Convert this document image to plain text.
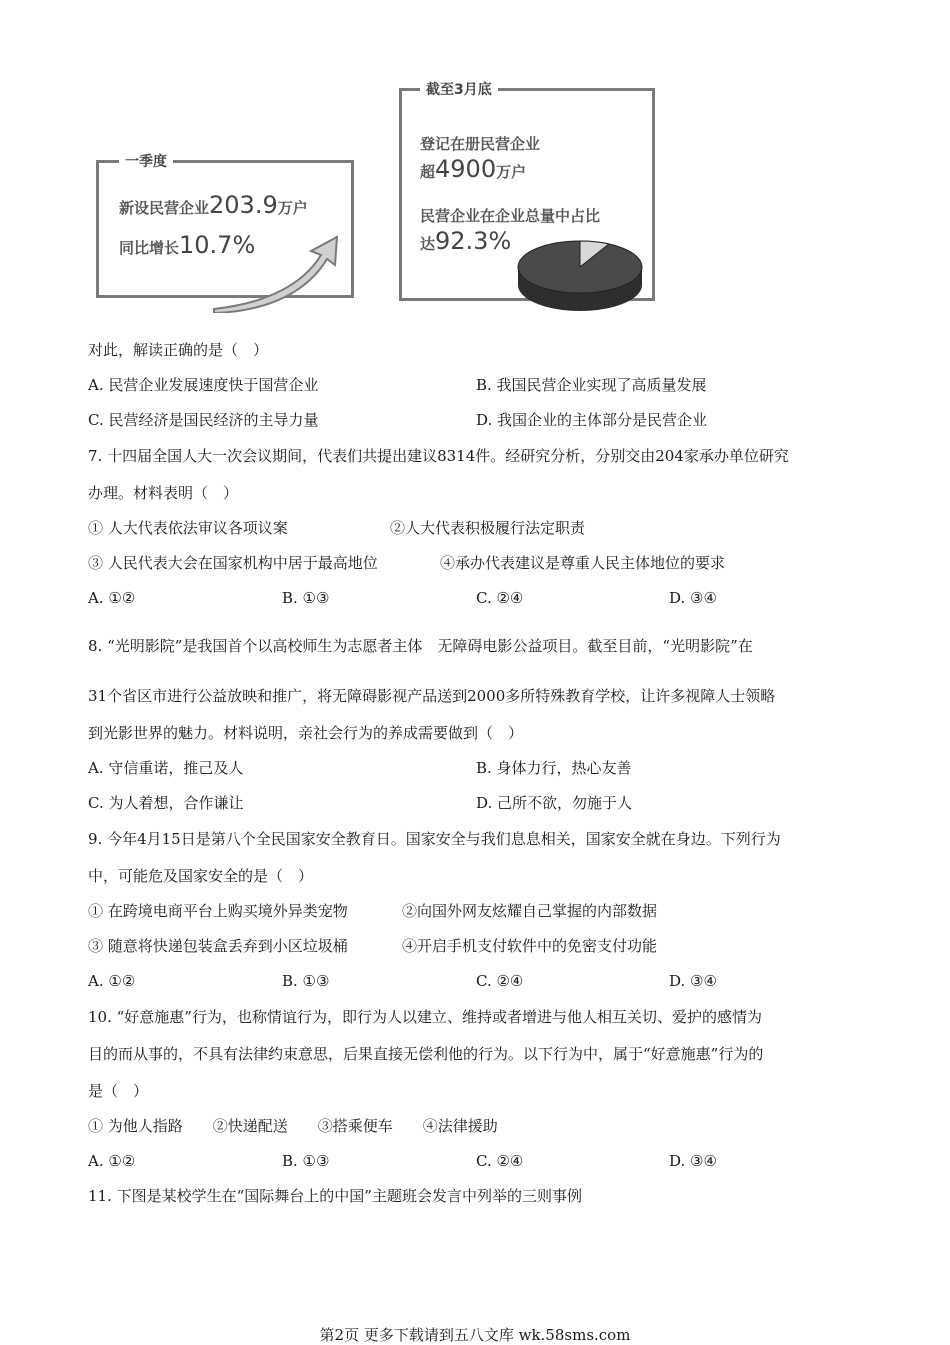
一季度
新设民营企业203.9万户
同比增长10.7%
截至3月底
登记在册民营企业
超4900万户
民营企业在企业总量中占比
达92.3%
对此，解读正确的是（　）
A. 民营企业发展速度快于国营企业	B. 我国民营企业实现了高质量发展
C. 民营经济是国民经济的主导力量	D. 我国企业的主体部分是民营企业
7. 十四届全国人大一次会议期间，代表们共提出建议8314件。经研究分析，分别交由204家承办单位研究
办理。材料表明（　）
① 人大代表依法审议各项议案	②人大代表积极履行法定职责
③ 人民代表大会在国家机构中居于最高地位	④承办代表建议是尊重人民主体地位的要求
A. ①②	B. ①③	C. ②④	D. ③④
8. “光明影院”是我国首个以高校师生为志愿者主体　无障碍电影公益项目。截至目前，“光明影院”在
31个省区市进行公益放映和推广，将无障碍影视产品送到2000多所特殊教育学校，让许多视障人士领略
到光影世界的魅力。材料说明，亲社会行为的养成需要做到（　）
A. 守信重诺，推己及人	B. 身体力行，热心友善
C. 为人着想，合作谦让	D. 己所不欲，勿施于人
9. 今年4月15日是第八个全民国家安全教育日。国家安全与我们息息相关，国家安全就在身边。下列行为
中，可能危及国家安全的是（　）
① 在跨境电商平台上购买境外异类宠物	②向国外网友炫耀自己掌握的内部数据
③ 随意将快递包装盒丢弃到小区垃圾桶	④开启手机支付软件中的免密支付功能
A. ①②	B. ①③	C. ②④	D. ③④
10. “好意施惠”行为，也称情谊行为，即行为人以建立、维持或者增进与他人相互关切、爱护的感情为
目的而从事的，不具有法律约束意思，后果直接无偿利他的行为。以下行为中，属于“好意施惠”行为的
是（　）
① 为他人指路　　②快递配送　　③搭乘便车　　④法律援助
A. ①②	B. ①③	C. ②④	D. ③④
11. 下图是某校学生在“国际舞台上的中国”主题班会发言中列举的三则事例
第2页 更多下载请到五八文库 wk.58sms.com
